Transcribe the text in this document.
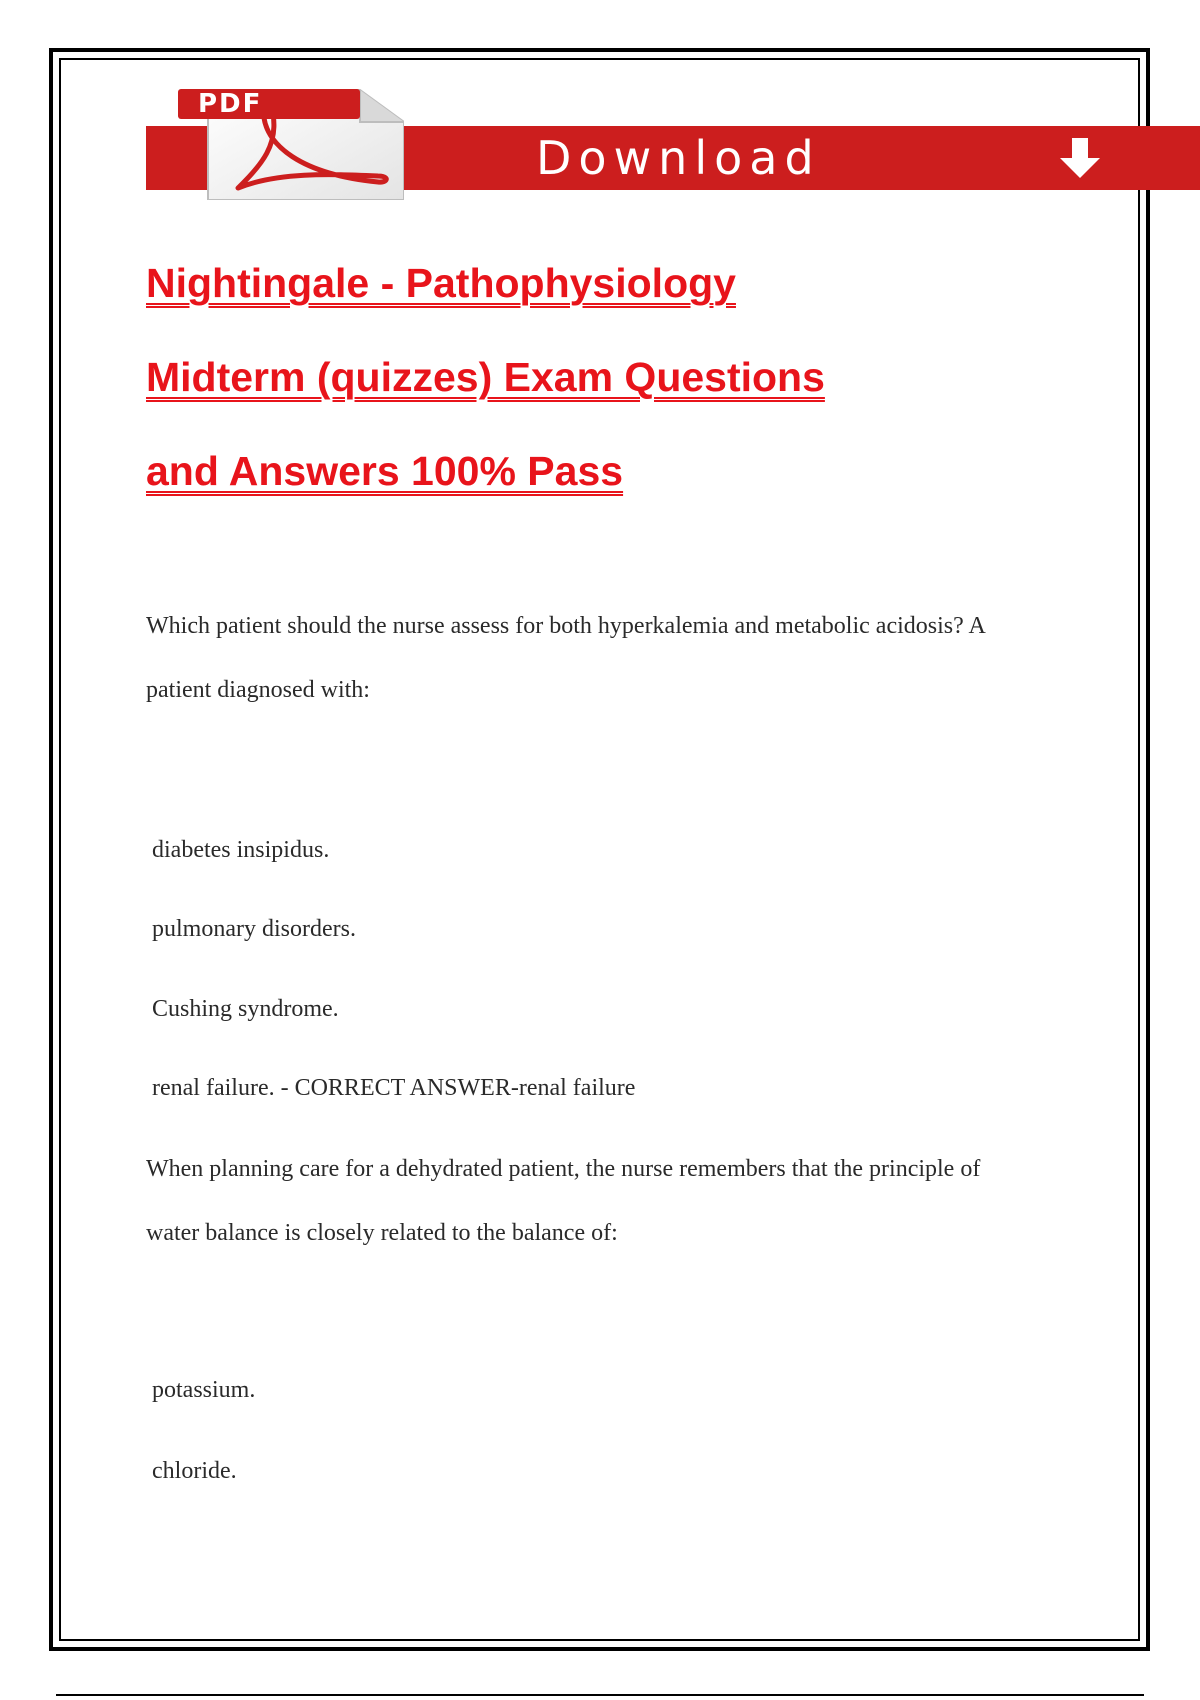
Download
PDF
Nightingale - Pathophysiology
Midterm (quizzes) Exam Questions
and Answers 100% Pass

Which patient should the nurse assess for both hyperkalemia and metabolic acidosis? A patient diagnosed with:

diabetes insipidus.

pulmonary disorders.

Cushing syndrome.

renal failure. - CORRECT ANSWER-renal failure

When planning care for a dehydrated patient, the nurse remembers that the principle of water balance is closely related to the balance of:

potassium.

chloride.
